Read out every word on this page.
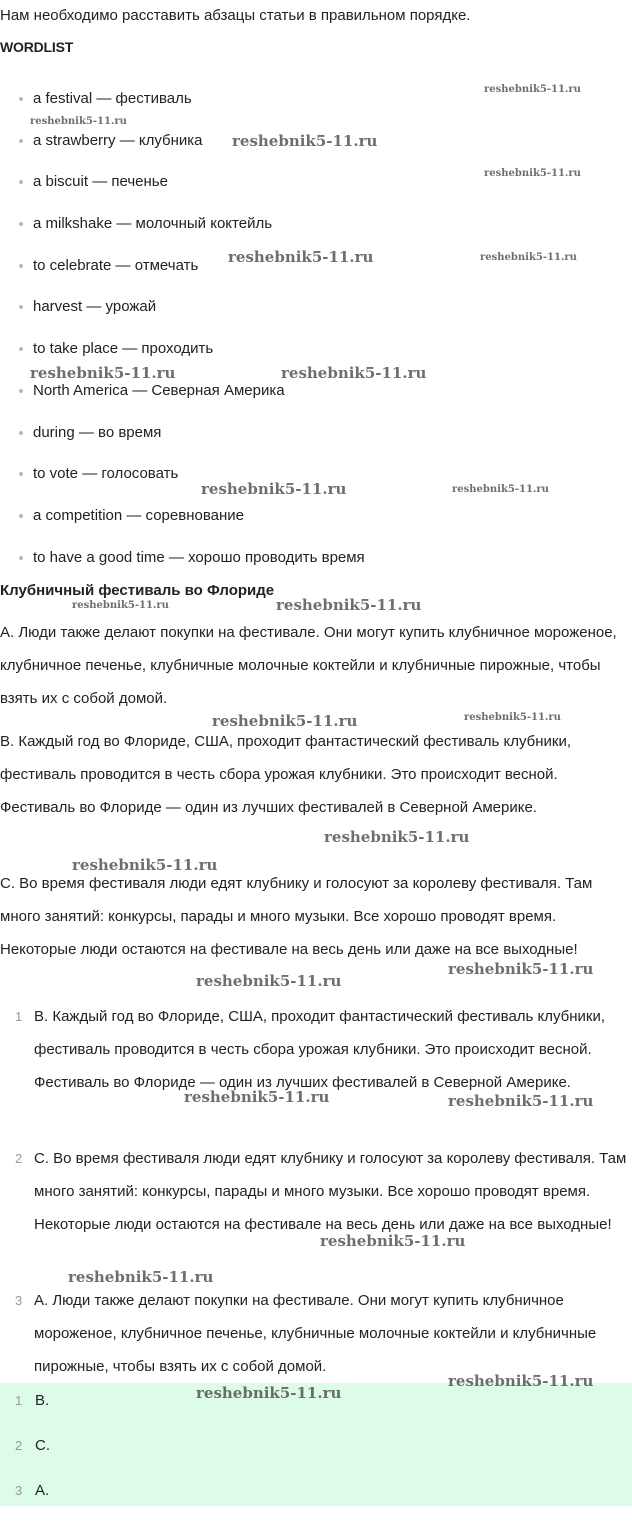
Нам необходимо расставить абзацы статьи в правильном порядке.
WORDLIST
a festival — фестиваль
a strawberry — клубника
a biscuit — печенье
a milkshake — молочный коктейль
to celebrate — отмечать
harvest — урожай
to take place — проходить
North America — Северная Америка
during — во время
to vote — голосовать
a competition — соревнование
to have a good time — хорошо проводить время
Клубничный фестиваль во Флориде
A. Люди также делают покупки на фестивале. Они могут купить клубничное мороженое, клубничное печенье, клубничные молочные коктейли и клубничные пирожные, чтобы взять их с собой домой.
B. Каждый год во Флориде, США, проходит фантастический фестиваль клубники, фестиваль проводится в честь сбора урожая клубники. Это происходит весной. Фестиваль во Флориде — один из лучших фестивалей в Северной Америке.
C. Во время фестиваля люди едят клубнику и голосуют за королеву фестиваля. Там много занятий: конкурсы, парады и много музыки. Все хорошо проводят время. Некоторые люди остаются на фестивале на весь день или даже на все выходные!
1 B. Каждый год во Флориде, США, проходит фантастический фестиваль клубники, фестиваль проводится в честь сбора урожая клубники. Это происходит весной. Фестиваль во Флориде — один из лучших фестивалей в Северной Америке.
2 C. Во время фестиваля люди едят клубнику и голосуют за королеву фестиваля. Там много занятий: конкурсы, парады и много музыки. Все хорошо проводят время. Некоторые люди остаются на фестивале на весь день или даже на все выходные!
3 A. Люди также делают покупки на фестивале. Они могут купить клубничное мороженое, клубничное печенье, клубничные молочные коктейли и клубничные пирожные, чтобы взять их с собой домой.
1 B.
2 C.
3 A.
reshebnik5-11.ru
reshebnik5-11.ru
reshebnik5-11.ru
reshebnik5-11.ru
reshebnik5-11.ru	reshebnik5-11.ru
reshebnik5-11.ru	reshebnik5-11.ru
reshebnik5-11.ru	reshebnik5-11.ru
reshebnik5-11.ru	reshebnik5-11.ru
reshebnik5-11.ru	reshebnik5-11.ru
reshebnik5-11.ru
reshebnik5-11.ru
reshebnik5-11.ru
reshebnik5-11.ru
reshebnik5-11.ru	reshebnik5-11.ru
reshebnik5-11.ru
reshebnik5-11.ru
reshebnik5-11.ru
reshebnik5-11.ru
